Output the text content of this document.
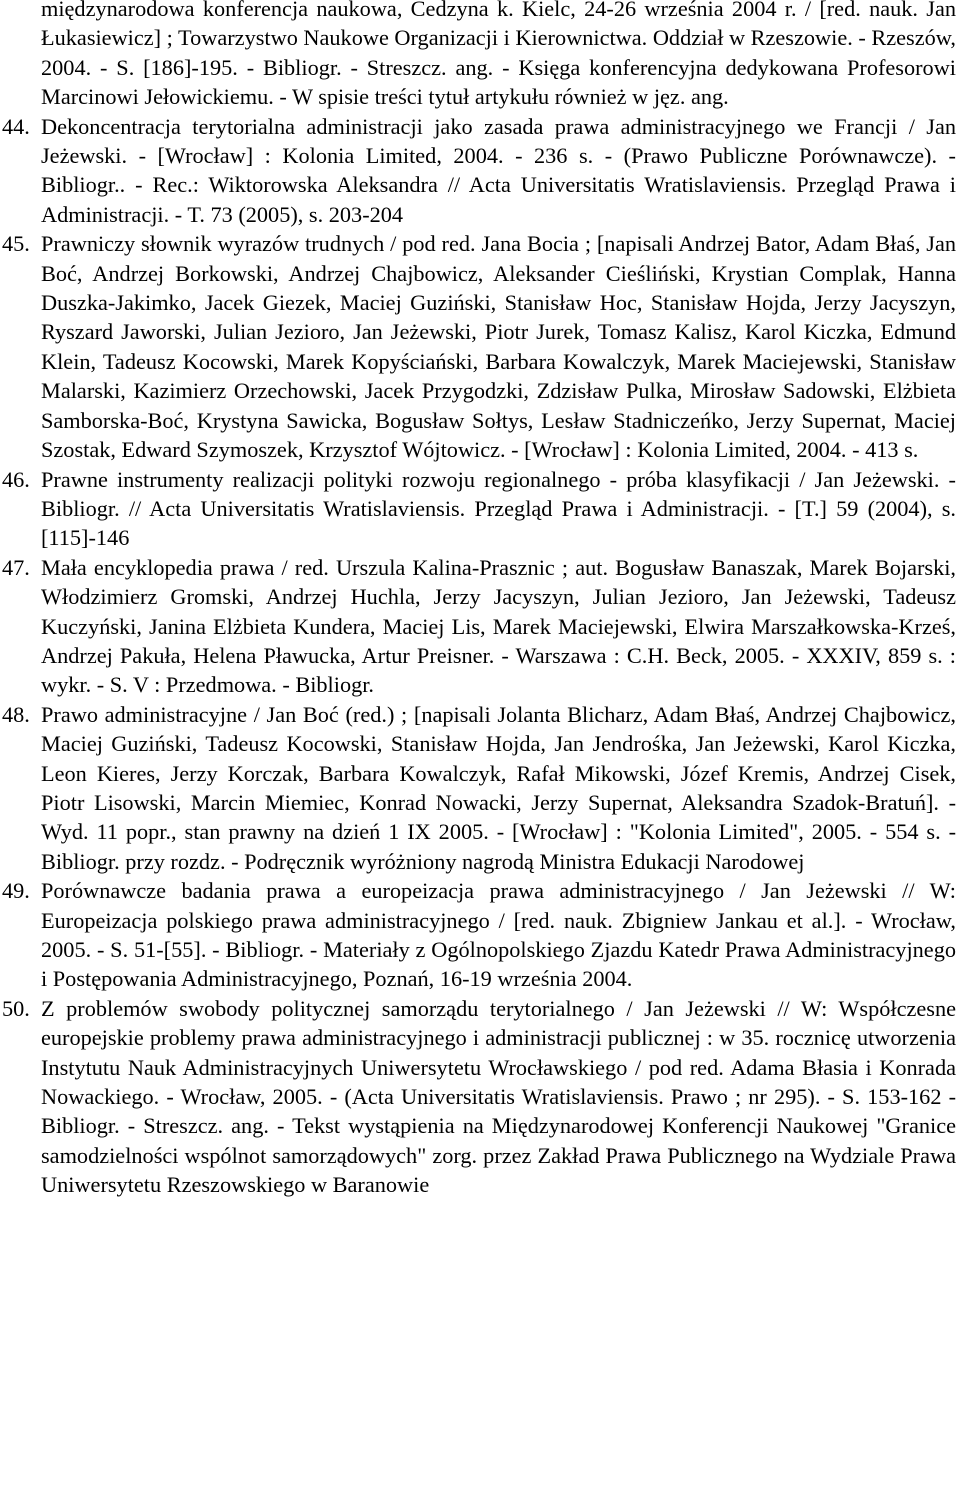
międzynarodowa konferencja naukowa, Cedzyna k. Kielc, 24-26 września 2004 r. / [red. nauk. Jan Łukasiewicz] ; Towarzystwo Naukowe Organizacji i Kierownictwa. Oddział w Rzeszowie. - Rzeszów, 2004. - S. [186]-195. - Bibliogr. - Streszcz. ang. - Księga konferencyjna dedykowana Profesorowi Marcinowi Jełowickiemu. - W spisie treści tytuł artykułu również w jęz. ang.
44. Dekoncentracja terytorialna administracji jako zasada prawa administracyjnego we Francji / Jan Jeżewski. - [Wrocław] : Kolonia Limited, 2004. - 236 s. - (Prawo Publiczne Porównawcze). - Bibliogr.. - Rec.: Wiktorowska Aleksandra // Acta Universitatis Wratislaviensis. Przegląd Prawa i Administracji. - T. 73 (2005), s. 203-204
45. Prawniczy słownik wyrazów trudnych / pod red. Jana Bocia ; [napisali Andrzej Bator, Adam Błaś, Jan Boć, Andrzej Borkowski, Andrzej Chajbowicz, Aleksander Cieśliński, Krystian Complak, Hanna Duszka-Jakimko, Jacek Giezek, Maciej Guziński, Stanisław Hoc, Stanisław Hojda, Jerzy Jacyszyn, Ryszard Jaworski, Julian Jezioro, Jan Jeżewski, Piotr Jurek, Tomasz Kalisz, Karol Kiczka, Edmund Klein, Tadeusz Kocowski, Marek Kopyściański, Barbara Kowalczyk, Marek Maciejewski, Stanisław Malarski, Kazimierz Orzechowski, Jacek Przygodzki, Zdzisław Pulka, Mirosław Sadowski, Elżbieta Samborska-Boć, Krystyna Sawicka, Bogusław Sołtys, Lesław Stadniczeńko, Jerzy Supernat, Maciej Szostak, Edward Szymoszek, Krzysztof Wójtowicz. - [Wrocław] : Kolonia Limited, 2004. - 413 s.
46. Prawne instrumenty realizacji polityki rozwoju regionalnego - próba klasyfikacji / Jan Jeżewski. - Bibliogr. // Acta Universitatis Wratislaviensis. Przegląd Prawa i Administracji. - [T.] 59 (2004), s. [115]-146
47. Mała encyklopedia prawa / red. Urszula Kalina-Prasznic ; aut. Bogusław Banaszak, Marek Bojarski, Włodzimierz Gromski, Andrzej Huchla, Jerzy Jacyszyn, Julian Jezioro, Jan Jeżewski, Tadeusz Kuczyński, Janina Elżbieta Kundera, Maciej Lis, Marek Maciejewski, Elwira Marszałkowska-Krześ, Andrzej Pakuła, Helena Pławucka, Artur Preisner. - Warszawa : C.H. Beck, 2005. - XXXIV, 859 s. : wykr. - S. V : Przedmowa. - Bibliogr.
48. Prawo administracyjne / Jan Boć (red.) ; [napisali Jolanta Blicharz, Adam Błaś, Andrzej Chajbowicz, Maciej Guziński, Tadeusz Kocowski, Stanisław Hojda, Jan Jendrośka, Jan Jeżewski, Karol Kiczka, Leon Kieres, Jerzy Korczak, Barbara Kowalczyk, Rafał Mikowski, Józef Kremis, Andrzej Cisek, Piotr Lisowski, Marcin Miemiec, Konrad Nowacki, Jerzy Supernat, Aleksandra Szadok-Bratuń]. - Wyd. 11 popr., stan prawny na dzień 1 IX 2005. - [Wrocław] : "Kolonia Limited", 2005. - 554 s. - Bibliogr. przy rozdz. - Podręcznik wyróżniony nagrodą Ministra Edukacji Narodowej
49. Porównawcze badania prawa a europeizacja prawa administracyjnego / Jan Jeżewski // W: Europeizacja polskiego prawa administracyjnego / [red. nauk. Zbigniew Jankau et al.]. - Wrocław, 2005. - S. 51-[55]. - Bibliogr. - Materiały z Ogólnopolskiego Zjazdu Katedr Prawa Administracyjnego i Postępowania Administracyjnego, Poznań, 16-19 września 2004.
50. Z problemów swobody politycznej samorządu terytorialnego / Jan Jeżewski // W: Współczesne europejskie problemy prawa administracyjnego i administracji publicznej : w 35. rocznicę utworzenia Instytutu Nauk Administracyjnych Uniwersytetu Wrocławskiego / pod red. Adama Błasia i Konrada Nowackiego. - Wrocław, 2005. - (Acta Universitatis Wratislaviensis. Prawo ; nr 295). - S. 153-162 - Bibliogr. - Streszcz. ang. - Tekst wystąpienia na Międzynarodowej Konferencji Naukowej "Granice samodzielności wspólnot samorządowych" zorg. przez Zakład Prawa Publicznego na Wydziale Prawa Uniwersytetu Rzeszowskiego w Baranowie
